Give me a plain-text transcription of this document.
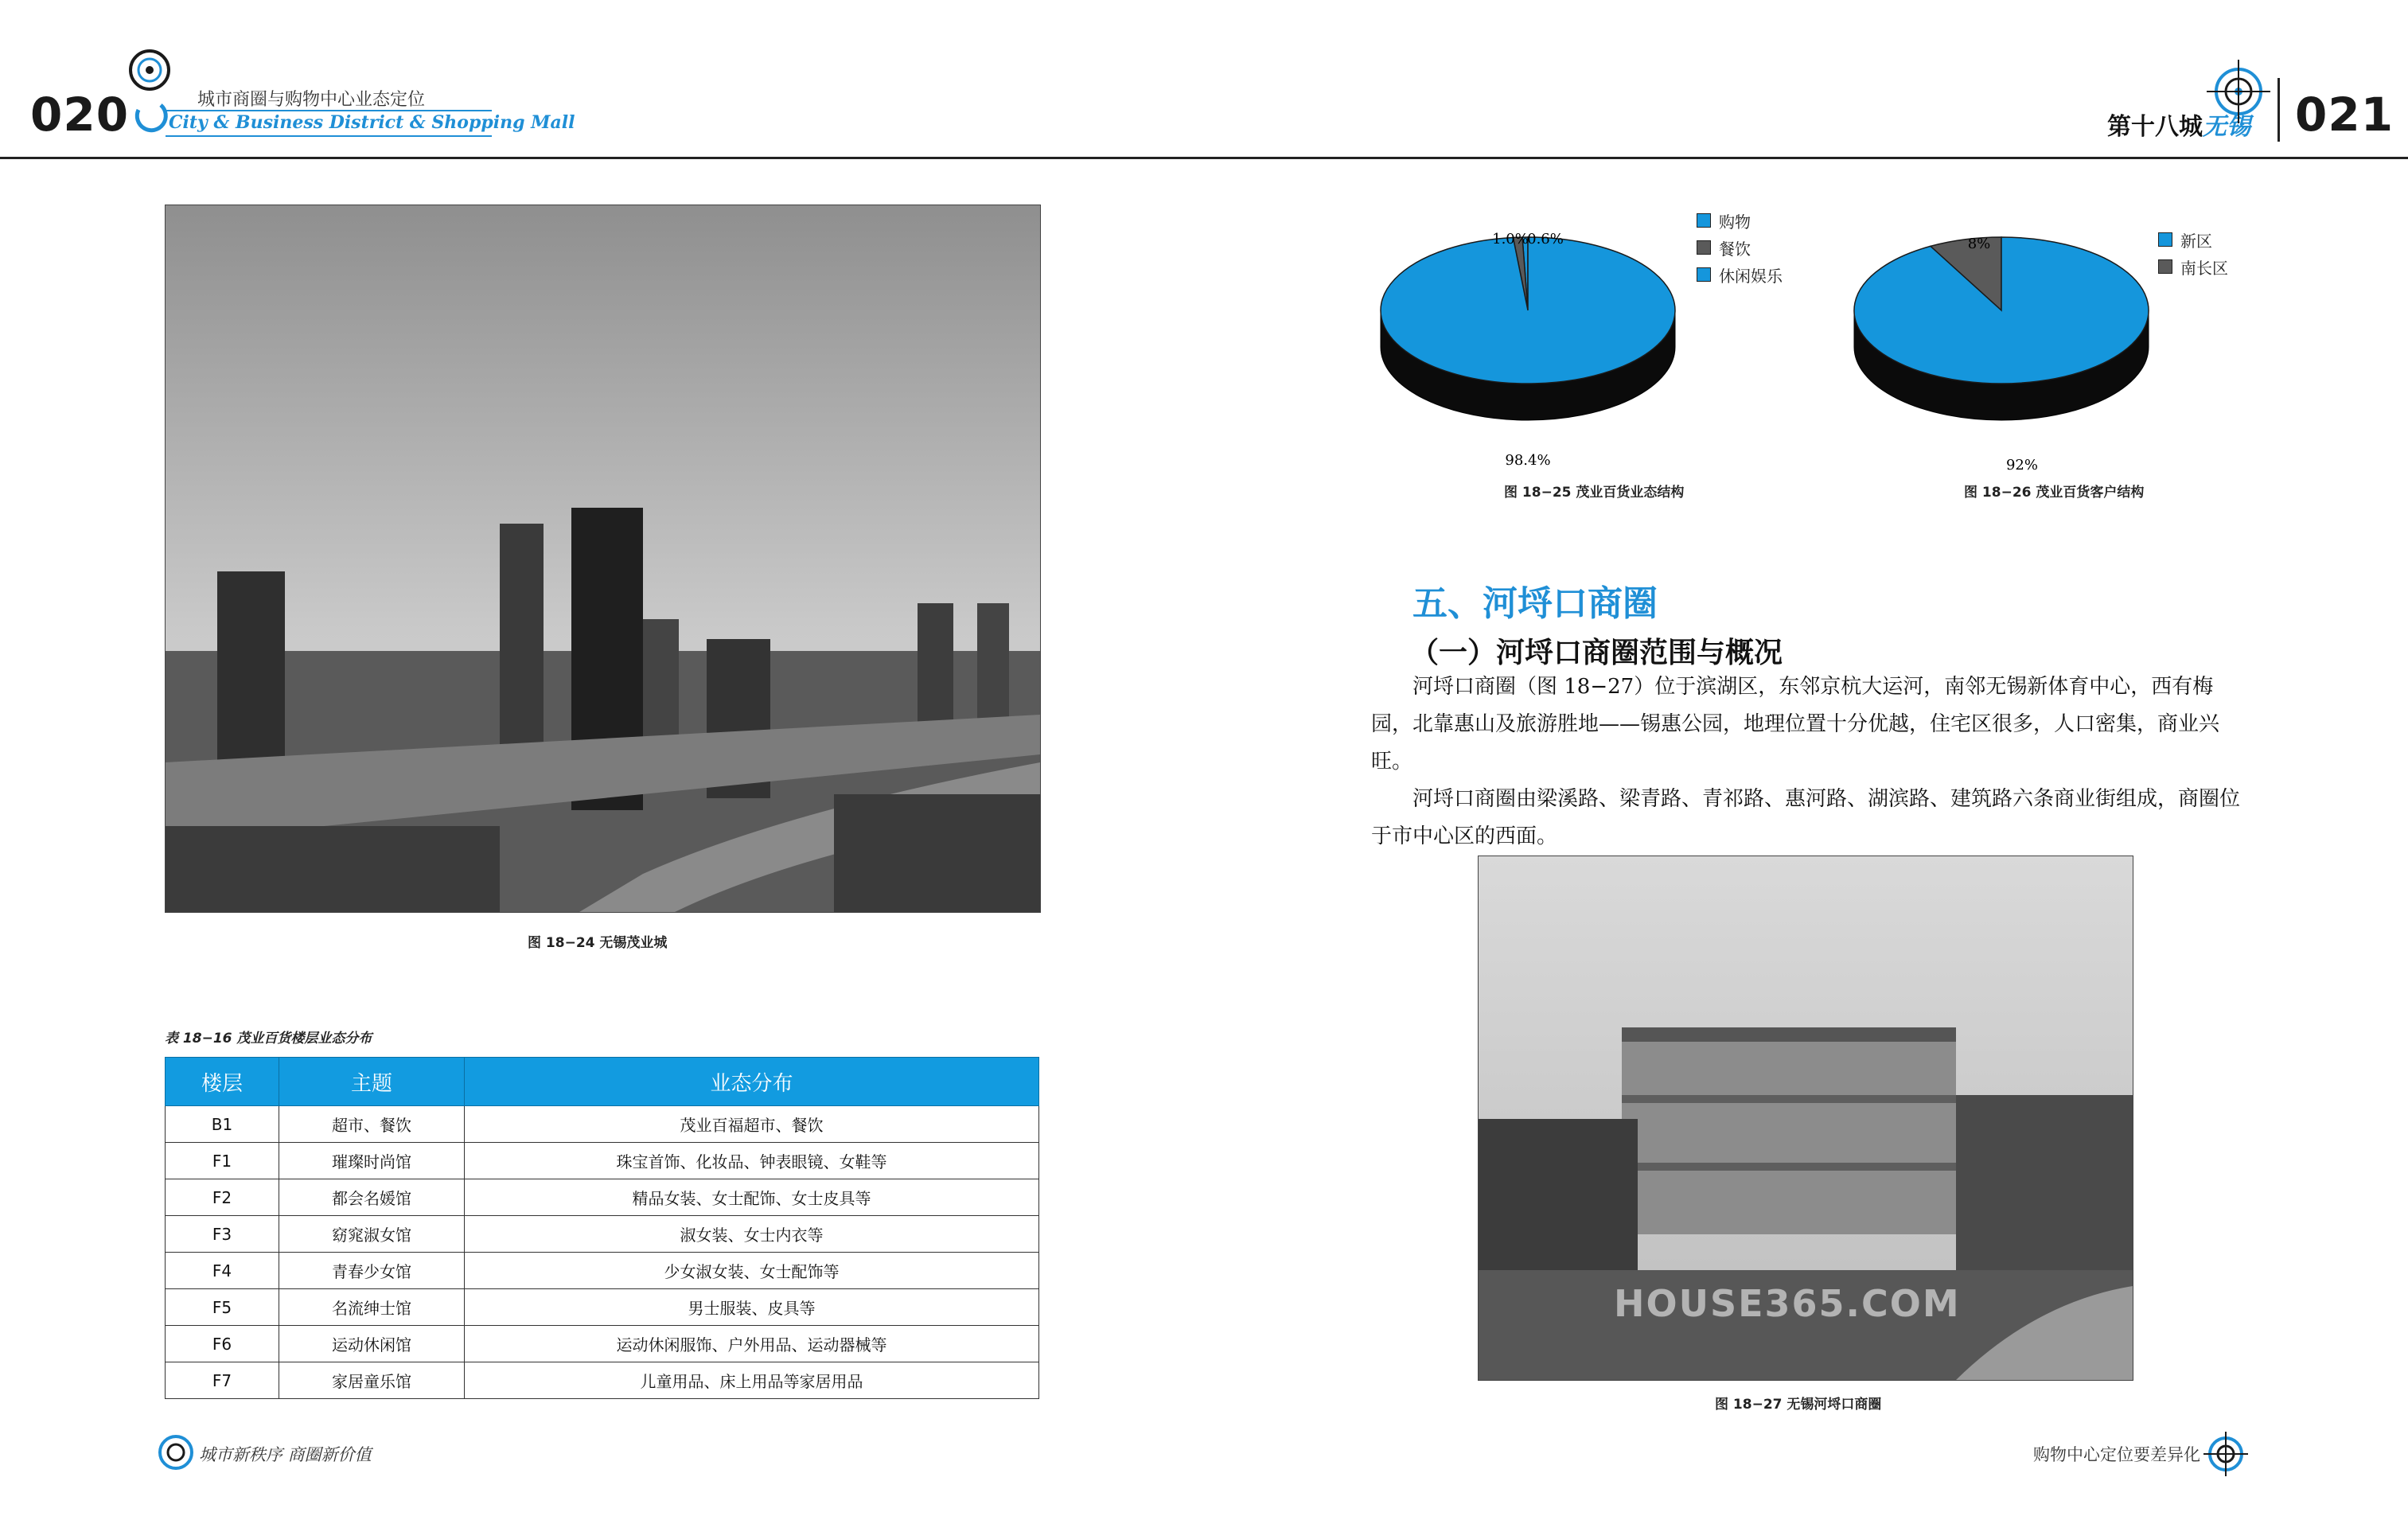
020	城市商圈与购物中心业态定位
City & Business District & Shopping Mall	第十八城无锡 021
图 18−24 无锡茂业城
表 18−16 茂业百货楼层业态分布
楼层	主题	业态分布
B1	超市、餐饮	茂业百福超市、餐饮
F1	璀璨时尚馆	珠宝首饰、化妆品、钟表眼镜、女鞋等
F2	都会名媛馆	精品女装、女士配饰、女士皮具等
F3	窈窕淑女馆	淑女装、女士内衣等
F4	青春少女馆	少女淑女装、女士配饰等
F5	名流绅士馆	男士服装、皮具等
F6	运动休闲馆	运动休闲服饰、户外用品、运动器械等
F7	家居童乐馆	儿童用品、床上用品等家居用品
城市新秩序 商圈新价值
1.0%
0.6%
98.4%
购物
餐饮
休闲娱乐
图 18−25 茂业百货业态结构
8%
92%
新区
南长区
图 18−26 茂业百货客户结构
五、河埒口商圈
（一）河埒口商圈范围与概况

河埒口商圈（图 18−27）位于滨湖区，东邻京杭大运河，南邻无锡新体育中心，西有梅园，北靠惠山及旅游胜地——锡惠公园，地理位置十分优越，住宅区很多，人口密集，商业兴旺。

河埒口商圈由梁溪路、梁青路、青祁路、惠河路、湖滨路、建筑路六条商业街组成，商圈位于市中心区的西面。

HOUSE365.COM
图 18−27 无锡河埒口商圈
购物中心定位要差异化
